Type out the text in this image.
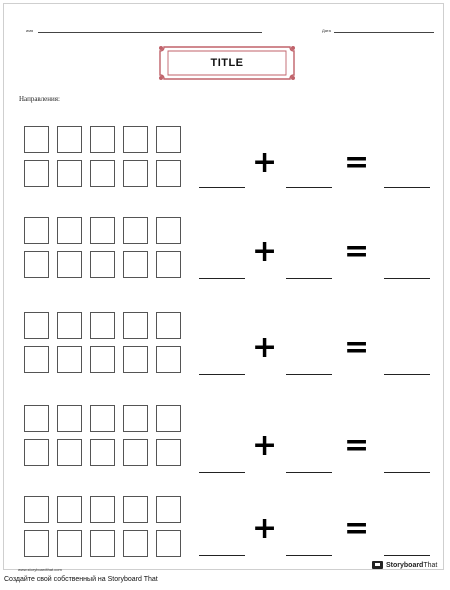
имя	Дата
TITLE
Направления:
+ =
+ =
+ =
+ =
+ =
www.storyboardthat.com
Storyboard That
Создайте свой собственный на Storyboard That
